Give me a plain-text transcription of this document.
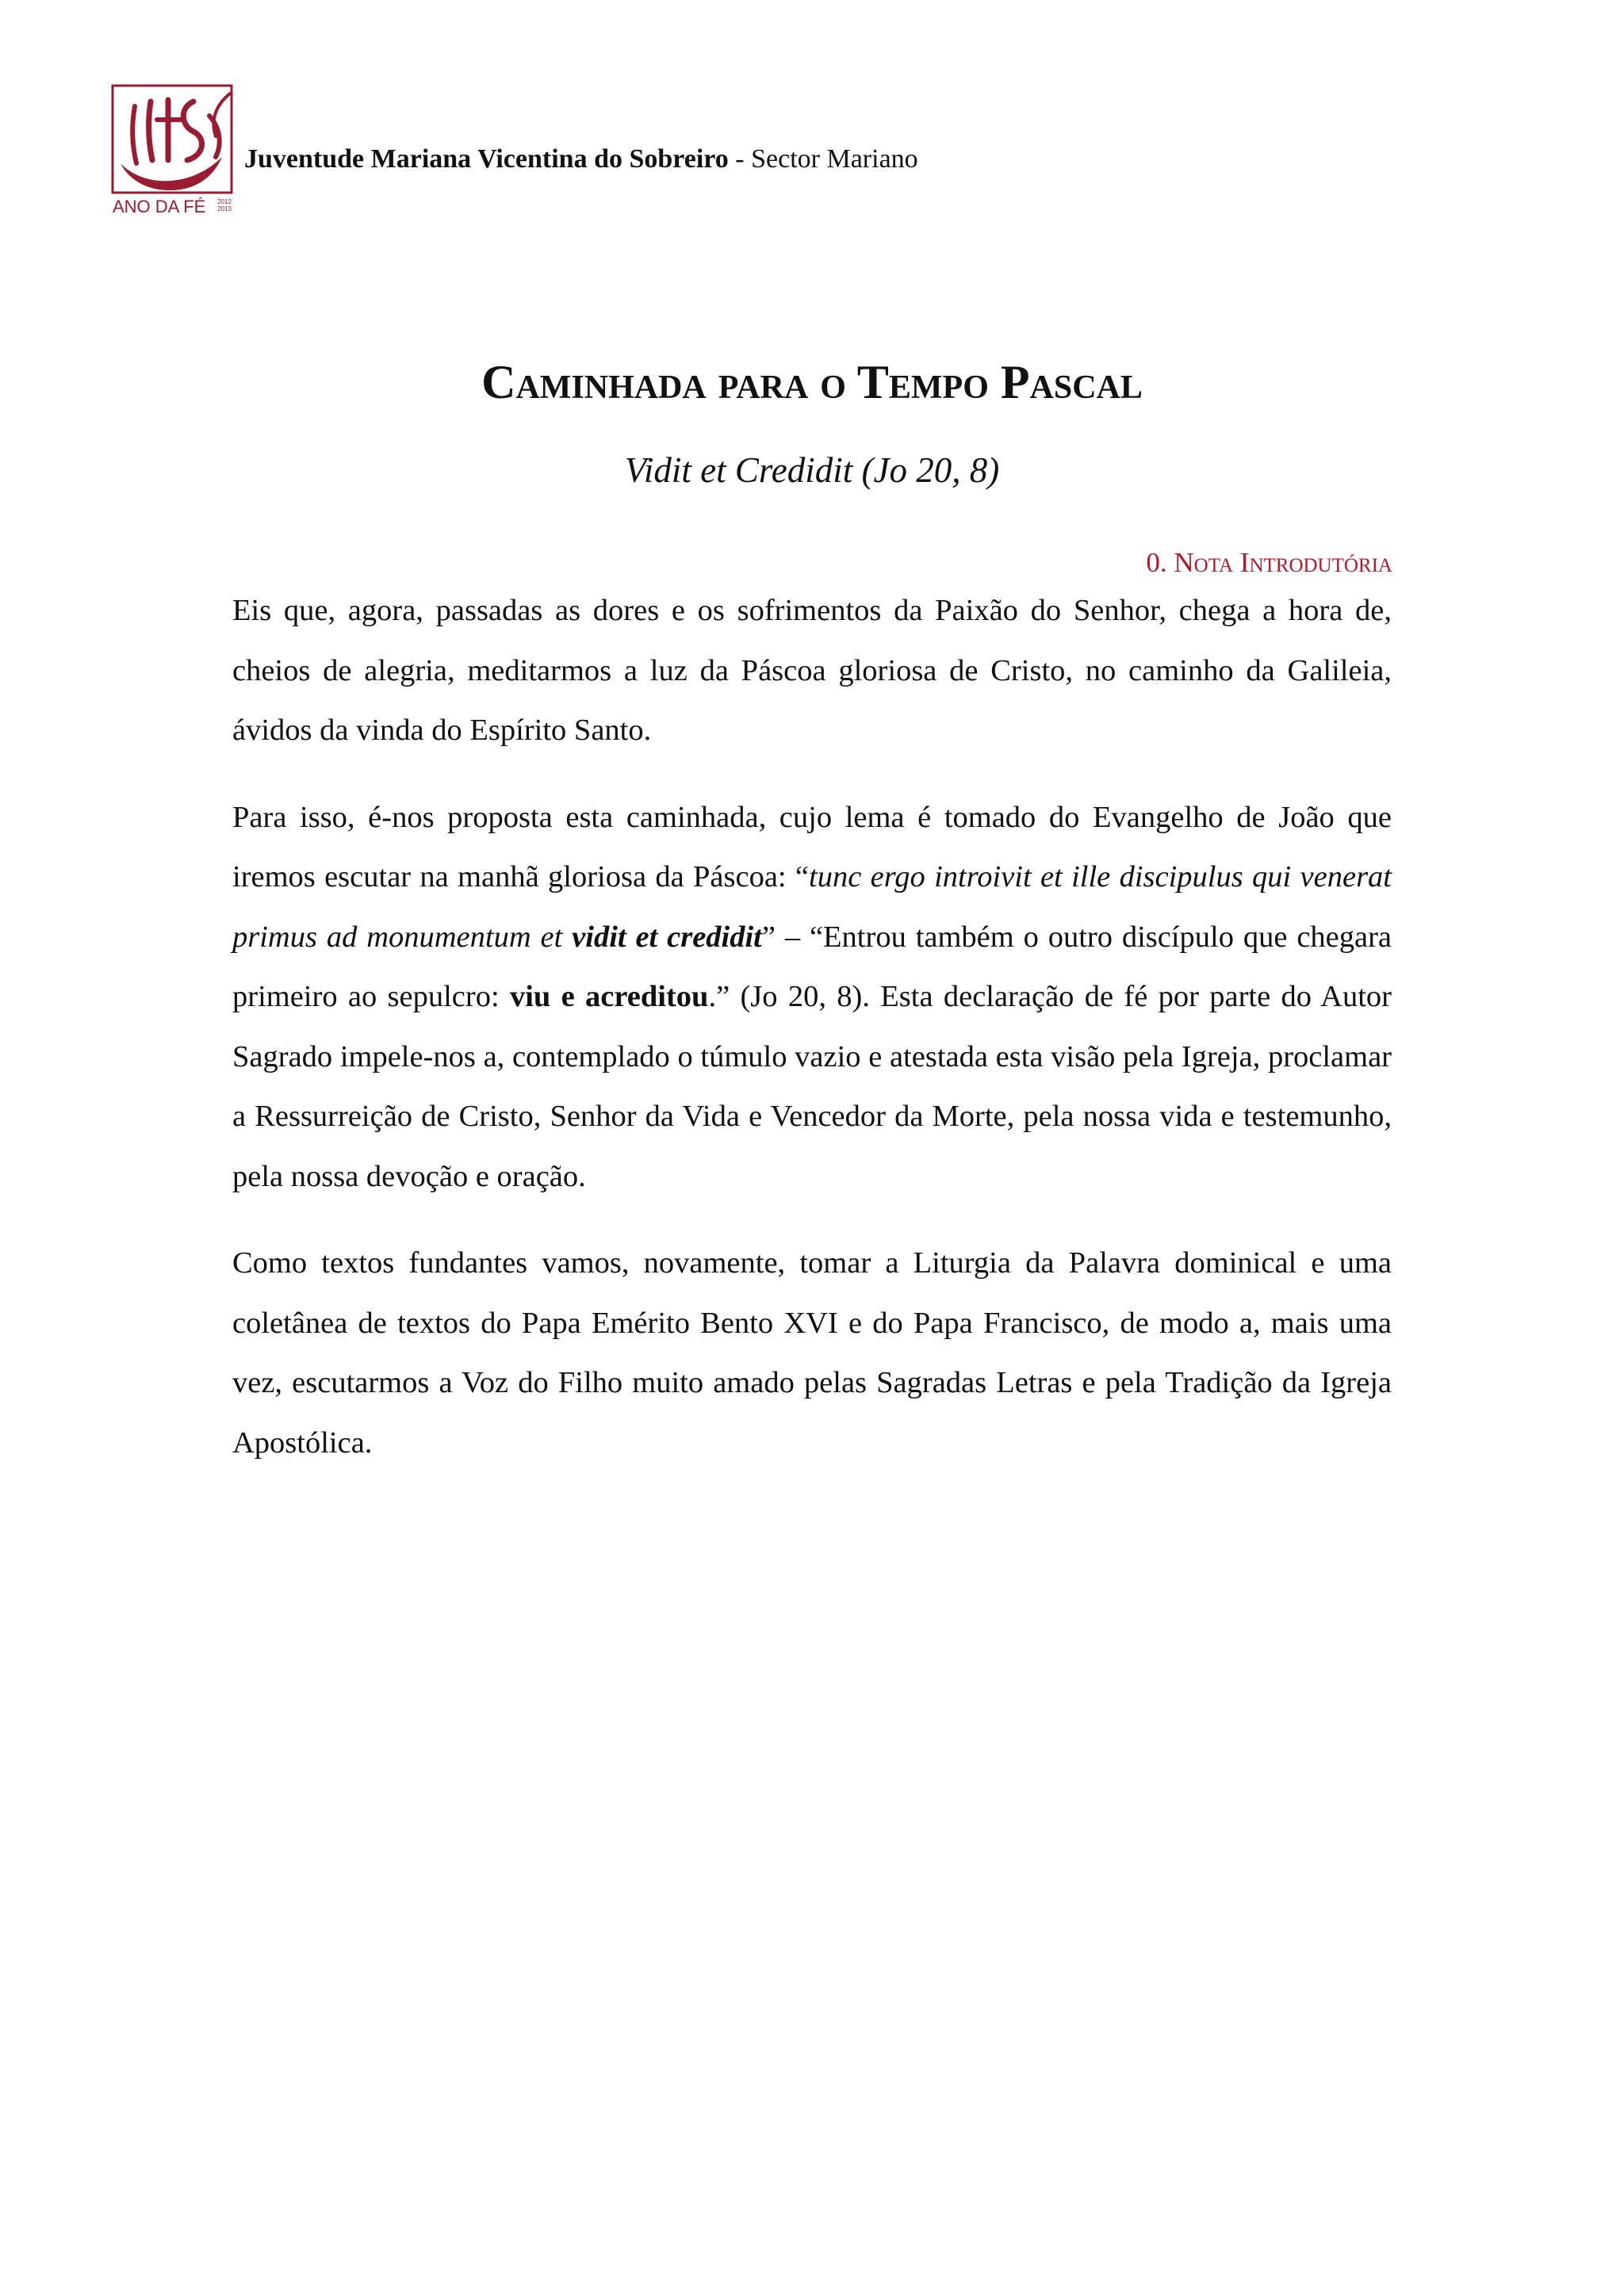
ANO DA FÉ 2012
2013
Juventude Mariana Vicentina do Sobreiro - Sector Mariano
Caminhada para o Tempo Pascal
Vidit et Credidit (Jo 20, 8)
0. Nota Introdutória

Eis que, agora, passadas as dores e os sofrimentos da Paixão do Senhor, chega a hora de, cheios de alegria, meditarmos a luz da Páscoa gloriosa de Cristo, no caminho da Galileia, ávidos da vinda do Espírito Santo.

Para isso, é-nos proposta esta caminhada, cujo lema é tomado do Evangelho de João que iremos escutar na manhã gloriosa da Páscoa: “tunc ergo introivit et ille discipulus qui venerat primus ad monumentum et vidit et credidit” – “Entrou também o outro discípulo que chegara primeiro ao sepulcro: viu e acreditou.” (Jo 20, 8). Esta declaração de fé por parte do Autor Sagrado impele-nos a, contemplado o túmulo vazio e atestada esta visão pela Igreja, proclamar a Ressurreição de Cristo, Senhor da Vida e Vencedor da Morte, pela nossa vida e testemunho, pela nossa devoção e oração.

Como textos fundantes vamos, novamente, tomar a Liturgia da Palavra dominical e uma coletânea de textos do Papa Emérito Bento XVI e do Papa Francisco, de modo a, mais uma vez, escutarmos a Voz do Filho muito amado pelas Sagradas Letras e pela Tradição da Igreja Apostólica.
